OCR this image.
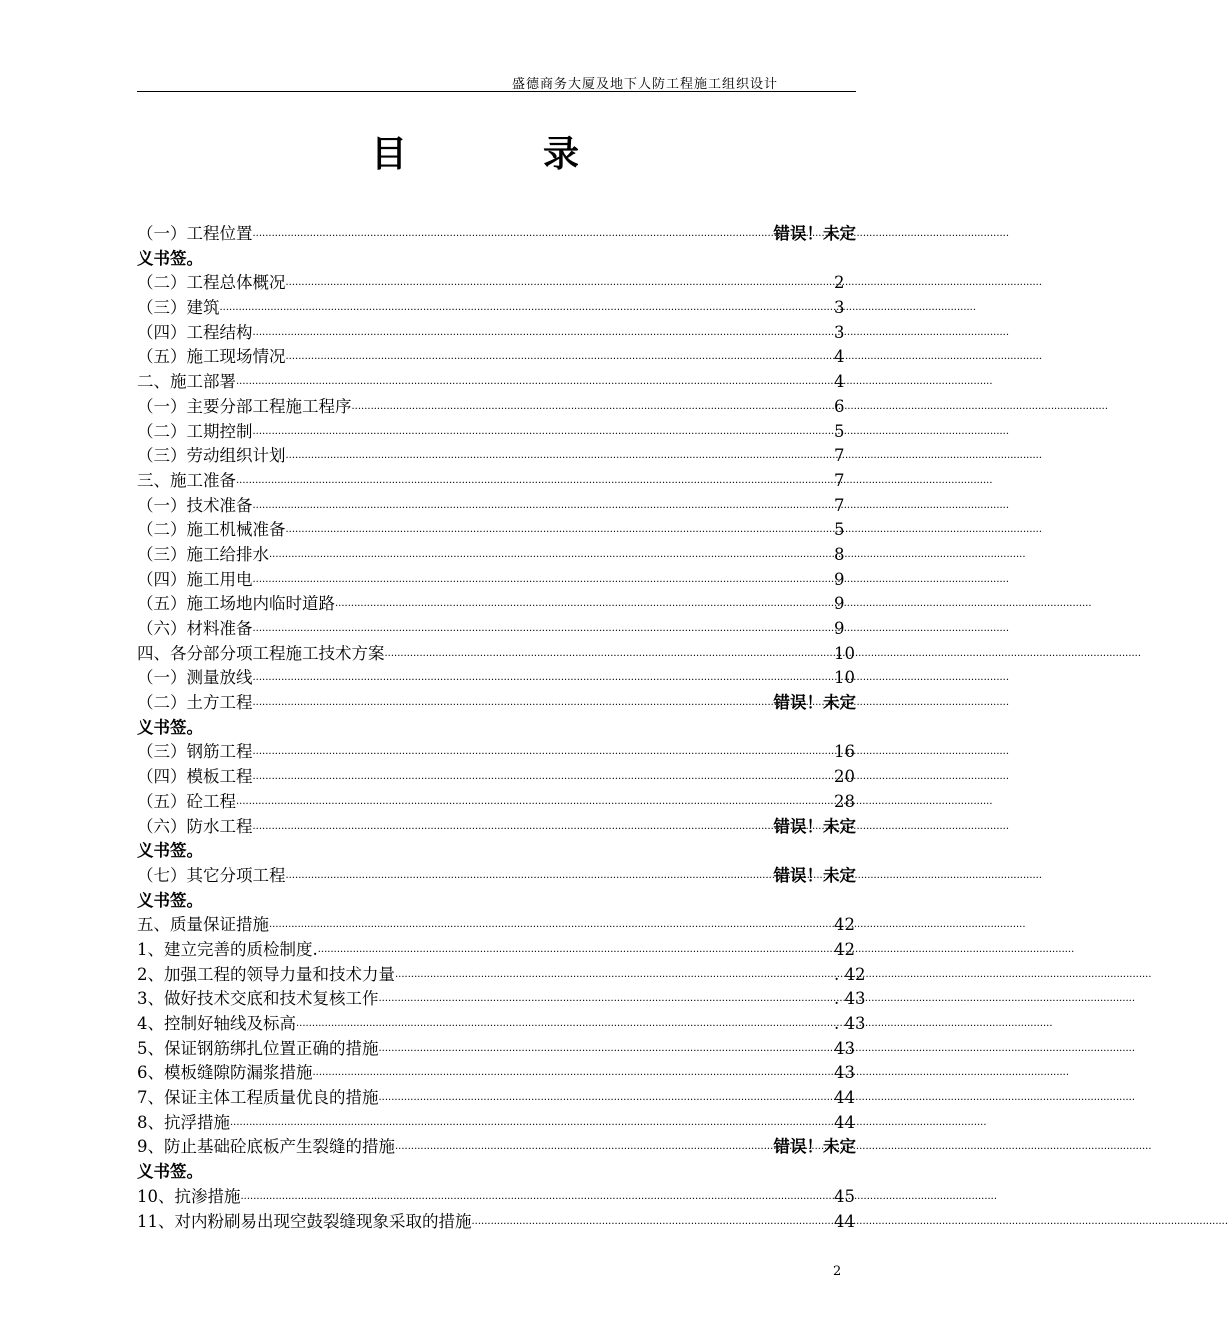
盛德商务大厦及地下人防工程施工组织设计
目　录
（一）工程位置 ·····	错误！未定
义书签。
（二）工程总体概况 ·····	2
（三）建筑 ·····	3
（四）工程结构 ·····	3
（五）施工现场情况 ·····	4
二、施工部署 ·····	4
（一）主要分部工程施工程序 ·····	6
（二）工期控制 ·····	5
（三）劳动组织计划 ·····	7
三、施工准备 ·····	7
（一）技术准备 ·····	7
（二）施工机械准备 ·····	5
（三）施工给排水 ·····	8
（四）施工用电 ·····	9
（五）施工场地内临时道路 ·····	9
（六）材料准备 ·····	9
四、各分部分项工程施工技术方案 ·····	10
（一）测量放线 ·····	10
（二）土方工程 ·····	错误！未定
义书签。
（三）钢筋工程 ·····	16
（四）模板工程 ·····	20
（五）砼工程 ·····	28
（六）防水工程 ·····	错误！未定
义书签。
（七）其它分项工程 ·····	错误！未定
义书签。
五、质量保证措施 ·····	42
1、建立完善的质检制度. ·····	42
2、加强工程的领导力量和技术力量 ·····	. 42
3、做好技术交底和技术复核工作 ·····	. 43
4、控制好轴线及标高 ·····	. 43
5、保证钢筋绑扎位置正确的措施 ·····	43
6、模板缝隙防漏浆措施 ·····	43
7、保证主体工程质量优良的措施 ·····	44
8、抗浮措施 ·····	44
9、防止基础砼底板产生裂缝的措施 ·····	错误！未定
义书签。
10、抗渗措施 ·····	45
11、对内粉刷易出现空鼓裂缝现象采取的措施 ·····	44
2
